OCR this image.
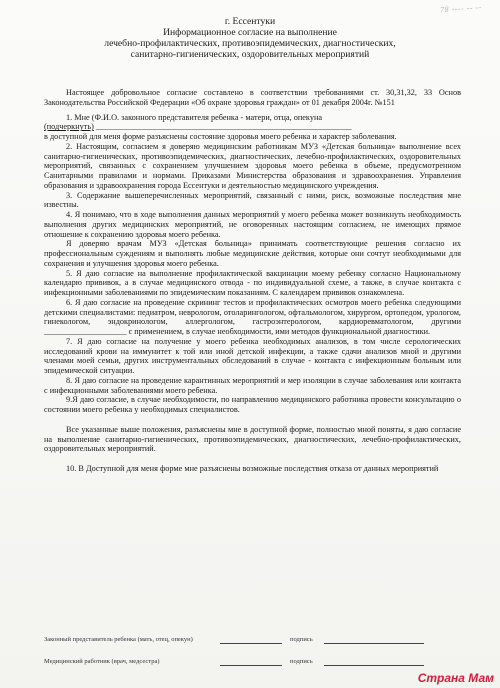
78 ---- -- --
г. Ессентуки
Информационное согласие на выполнение
лечебно-профилактических, противоэпидемических, диагностических,
санитарно-гигиенических, оздоровительных мероприятий

Настоящее добровольное согласие составлено в соответствии требованиями ст. 30,31,32, 33 Основ Законодательства Российской Федерации «Об охране здоровья граждан» от 01 декабря 2004г. №151

1. Мне (Ф.И.О. законного представителя ребенка - матери, отца, опекуна
(подчеркнуть) ______________________________________________________________
в доступной для меня форме разъяснены состояние здоровья моего ребенка и характер заболевания.

2. Настоящим, согласием я доверяю медицинским работникам МУЗ «Детская больница» выполнение всех санитарно-гигиенических, противоэпидемических, диагностических, лечебно-профилактических, оздоровительных мероприятий, связанных с сохранением улучшением здоровья моего ребенка в объеме, предусмотренном Санитарными правилами и нормами. Приказами Министерства образования и здравоохранения. Управления образования и здравоохранения города Ессентуки и деятельностью медицинского учреждения.

3. Содержание вышеперечисленных мероприятий, связанный с ними, риск, возможные последствия мне известны.

4. Я понимаю, что в ходе выполнения данных мероприятий у моего ребенка может возникнуть необходимость выполнения других медицинских мероприятий, не оговоренных настоящим согласием, не имеющих прямое отношение к сохранению здоровья моего ребенка.

Я доверяю врачам МУЗ «Детская больница» принимать соответствующие решения согласно их профессиональным суждениям и выполнять любые медицинские действия, которые они сочтут необходимыми для сохранения и улучшения здоровья моего ребенка.

5. Я даю согласие на выполнение профилактической вакцинации моему ребенку согласно Национальному календарю прививок, а в случае медицинского отвода - по индивидуальной схеме, а также, в случае контакта с инфекционными заболеваниями по эпидемическим показаниям. С календарем прививок ознакомлена.

6. Я даю согласие на проведение скрининг тестов и профилактических осмотров моего ребенка следующими детскими специалистами: педиатром, неврологом, отоларингологом, офтальмологом, хирургом, ортопедом, урологом, гинекологом, эндокринологом, аллергологом, гастроэнтерологом, кардиоревматологом, другими ____________________ с применением, в случае необходимости, ими методов функциональной диагностики.

7. Я даю согласие на получение у моего ребенка необходимых анализов, в том числе серологических исследований крови на иммунитет к той или иной детской инфекции, а также сдачи анализов мной и другими членами моей семьи, других инструментальных обследований в случае - контакта с инфекционным больным или эпидемической ситуации.

8. Я даю согласие на проведение карантинных мероприятий и мер изоляции в случае заболевания или контакта с инфекционными заболеваниями моего ребенка.

9.Я даю согласие, в случае необходимости, по направлению медицинского работника провести консультацию о состоянии моего ребенка у необходимых специалистов.

Все указанные выше положения, разъяснены мне в доступной форме, полностью мной поняты, я даю согласие на выполнение санитарно-гигиенических, противоэпидемических, диагностических, лечебно-профилактических, оздоровительных мероприятий.

10. В Доступной для меня форме мне разъяснены возможные последствия отказа от данных мероприятий

Законный представитель ребенка (мать, отец, опекун)	подпись
Медицинский работник (врач, медсестра)	подпись
Страна Мам
